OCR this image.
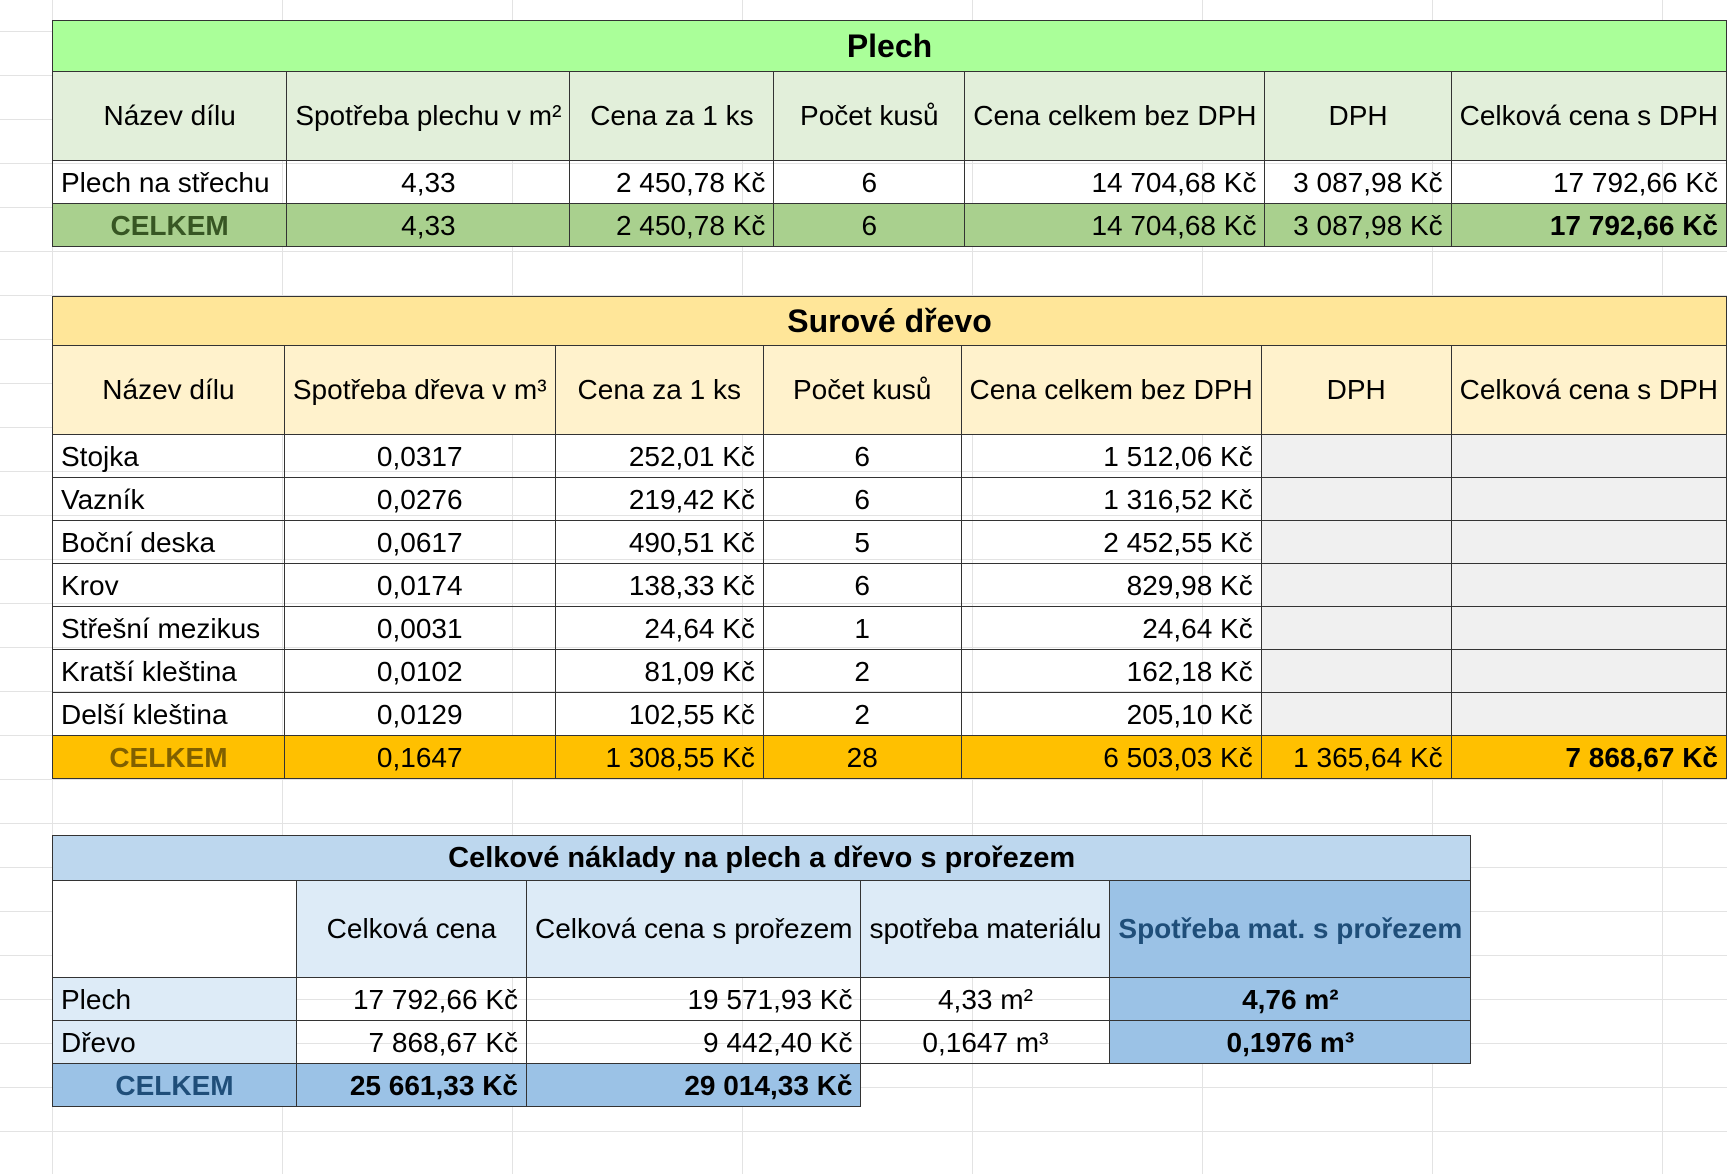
Plech						
Název dílu	Spotřeba plechu v m²	Cena za 1 ks	Počet kusů	Cena celkem bez DPH	DPH	Celková cena s DPH
Plech na střechu	4,33	2 450,78 Kč	6	14 704,68 Kč	3 087,98 Kč	17 792,66 Kč
CELKEM	4,33	2 450,78 Kč	6	14 704,68 Kč	3 087,98 Kč	17 792,66 Kč
Surové dřevo						
Název dílu	Spotřeba dřeva v m³	Cena za 1 ks	Počet kusů	Cena celkem bez DPH	DPH	Celková cena s DPH
Stojka	0,0317	252,01 Kč	6	1 512,06 Kč		
Vazník	0,0276	219,42 Kč	6	1 316,52 Kč		
Boční deska	0,0617	490,51 Kč	5	2 452,55 Kč		
Krov	0,0174	138,33 Kč	6	829,98 Kč		
Střešní mezikus	0,0031	24,64 Kč	1	24,64 Kč		
Kratší kleština	0,0102	81,09 Kč	2	162,18 Kč		
Delší kleština	0,0129	102,55 Kč	2	205,10 Kč		
CELKEM	0,1647	1 308,55 Kč	28	6 503,03 Kč	1 365,64 Kč	7 868,67 Kč
Celkové náklady na plech a dřevo s prořezem				
	Celková cena	Celková cena s prořezem	spotřeba materiálu	Spotřeba mat. s prořezem
Plech	17 792,66 Kč	19 571,93 Kč	4,33 m²	4,76 m²
Dřevo	7 868,67 Kč	9 442,40 Kč	0,1647 m³	0,1976 m³
CELKEM	25 661,33 Kč	29 014,33 Kč		
